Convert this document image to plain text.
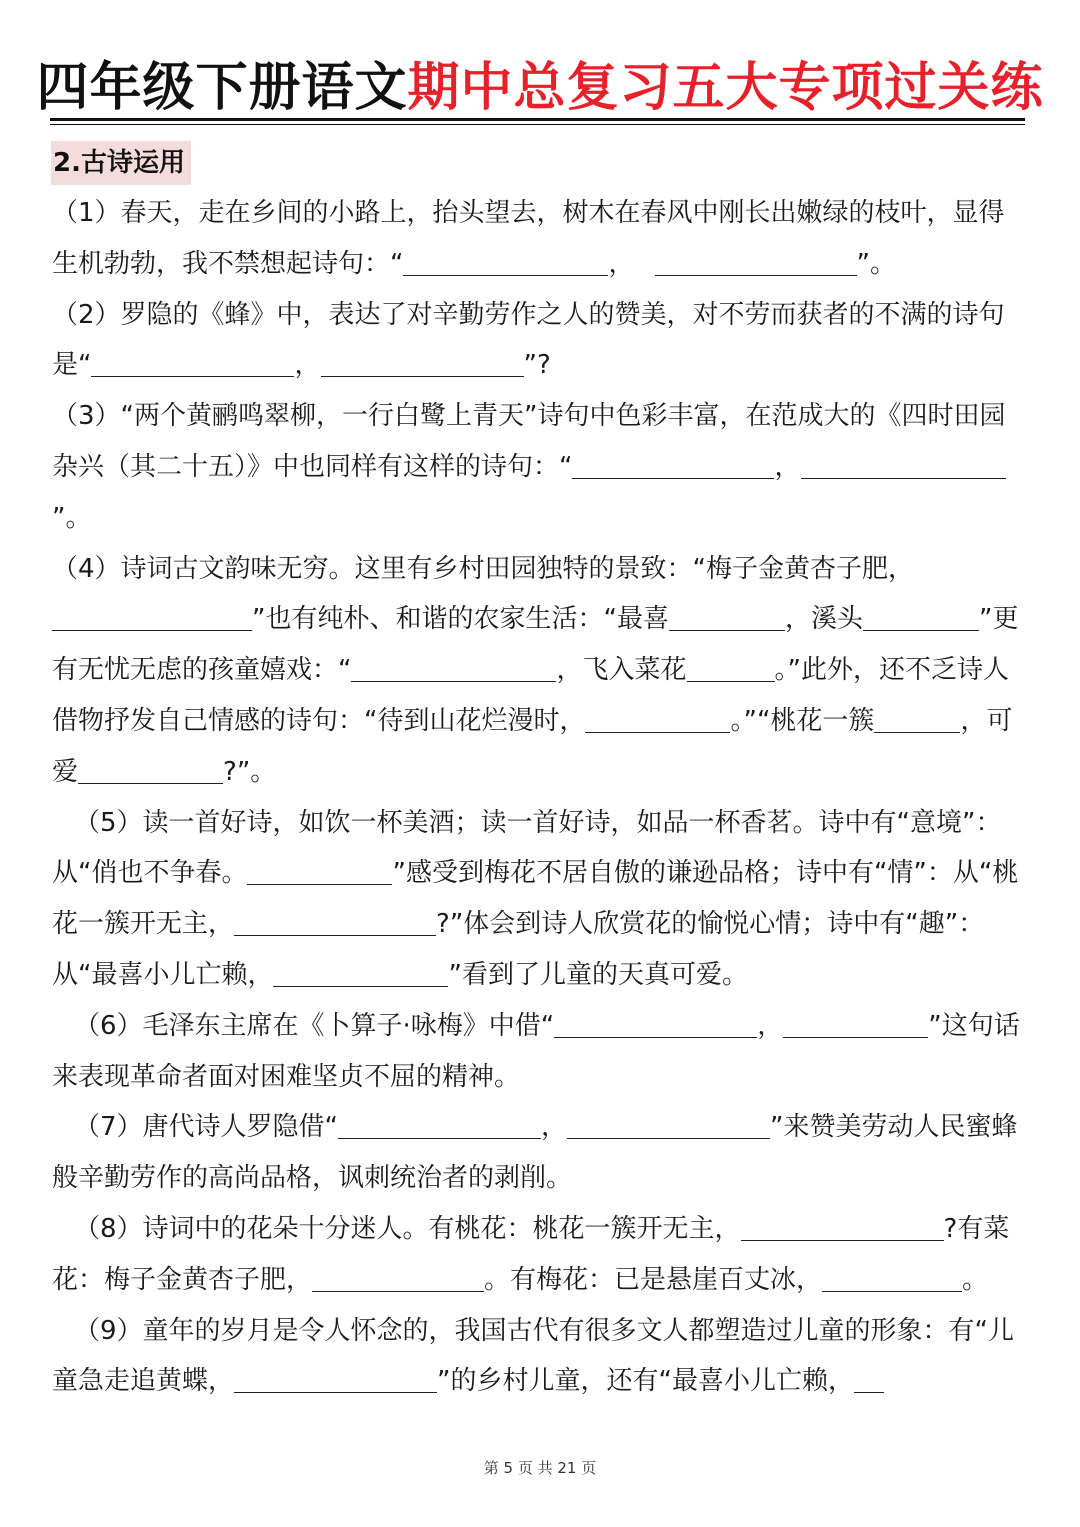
四年级下册语文期中总复习五大专项过关练
2.古诗运用

（1）春天，走在乡间的小路上，抬头望去，树木在春风中刚长出嫩绿的枝叶，显得生机勃勃，我不禁想起诗句：“	，	”。

（2）罗隐的《蜂》中，表达了对辛勤劳作之人的赞美，对不劳而获者的不满的诗句是“	，	”?

（3）“两个黄鹂鸣翠柳，一行白鹭上青天”诗句中色彩丰富，在范成大的《四时田园杂兴（其二十五）》中也同样有这样的诗句：“	，”。

（4）诗词古文韵味无穷。这里有乡村田园独特的景致：“梅子金黄杏子肥，”也有纯朴、和谐的农家生活：“最喜	，溪头	”更有无忧无虑的孩童嬉戏：“	，飞入菜花	。”此外，还不乏诗人借物抒发自己情感的诗句：“待到山花烂漫时，	。”“桃花一簇	，可爱	?”。

（5）读一首好诗，如饮一杯美酒；读一首好诗，如品一杯香茗。诗中有“意境”：从“俏也不争春。	”感受到梅花不居自傲的谦逊品格；诗中有“情”：从“桃花一簇开无主，	?”体会到诗人欣赏花的愉悦心情；诗中有“趣”：从“最喜小儿亡赖，	”看到了儿童的天真可爱。

（6）毛泽东主席在《卜算子·咏梅》中借“	，	”这句话来表现革命者面对困难坚贞不屈的精神。

（7）唐代诗人罗隐借“	，	”来赞美劳动人民蜜蜂般辛勤劳作的高尚品格，讽刺统治者的剥削。

（8）诗词中的花朵十分迷人。有桃花：桃花一簇开无主，	?有菜花：梅子金黄杏子肥，	。有梅花：已是悬崖百丈冰，	。

（9）童年的岁月是令人怀念的，我国古代有很多文人都塑造过儿童的形象：有“儿童急走追黄蝶，	”的乡村儿童，还有“最喜小儿亡赖，

第 5 页 共 21 页
